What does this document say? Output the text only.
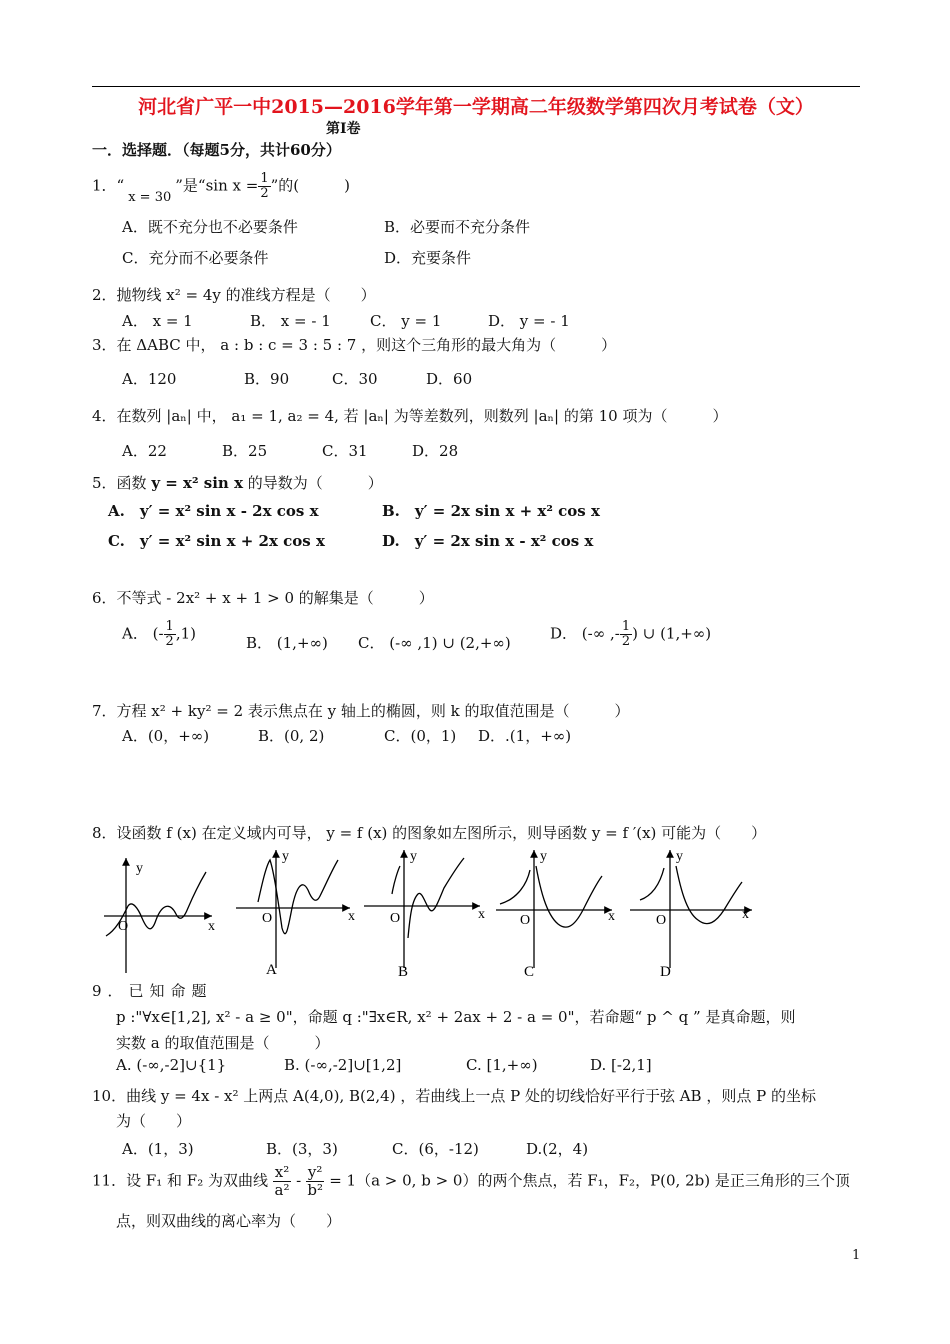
河北省广平一中2015—2016学年第一学期高二年级数学第四次月考试卷（文）
第Ⅰ卷
一．选择题．（每题5分，共计60分）
1．“x = 30”是“sin $x = \frac{1}{2}$ ”的(　　　)
A．既不充分也不必要条件	B．必要而不充分条件
C．充分而不必要条件	D．充要条件
2．抛物线 x² = 4y 的准线方程是（　　）
A． x = 1	B． x = - 1	C． y = 1	D． y = - 1
3．在 ΔABC 中， a : b : c = 3 : 5 : 7 ，则这个三角形的最大角为（　　　）
A．120	B．90	C．30	D．60
4．在数列 |aₙ| 中， a₁ = 1, a₂ = 4, 若 |aₙ| 为等差数列，则数列 |aₙ| 的第 10 项为（　　　）
A．22	B．25	C．31	D．28
5．函数 y = x² sin x 的导数为（　　　）
A.　y′ = x² sin x - 2x cos x	B.　y′ = 2x sin x + x² cos x
C.　y′ = x² sin x + 2x cos x	D.　y′ = 2x sin x - x² cos x
6．不等式 - 2x² + x + 1 > 0 的解集是（　　　）
A． (- $\frac{1}{2} ,1$)
B． (1,+∞) C． (-∞ ,1) ∪ (2,+∞)
D． (-∞ ,- $\frac{1}{2}$ ) ∪ (1,+∞)
7．方程 x² + ky² = 2 表示焦点在 y 轴上的椭圆，则 k 的取值范围是（　　　）
A．(0，+∞)	B．(0, 2)	C．(0，1) D．.(1，+∞)
8．设函数 f (x) 在定义域内可导， y = f (x) 的图象如左图所示，则导函数 y = f ′(x) 可能为（　　）
y
O	x
y
O	x
A
y
O	x
B
y
O	x
C
y
O	x
D
9．已知命题
p :"∀x∈[1,2], x² - a ≥ 0"，命题 q :"∃x∈R, x² + 2ax + 2 - a = 0"，若命题“ p ^ q ” 是真命题，则
实数 a 的取值范围是（　　　）
A. (-∞,-2]∪{1}	B. (-∞,-2]∪[1,2]	C. [1,+∞)	D. [-2,1]
10．曲线 y = 4x - x² 上两点 A(4,0), B(2,4) ，若曲线上一点 P 处的切线恰好平行于弦 AB ，则点 P 的坐标
为（　　）
A．(1，3)	B．(3，3)	C．(6，-12)	D.(2，4)
11．设 F₁ 和 F₂ 为双曲线 $\frac{\text{x²}}{\text{a²}} - \frac{\text{y²}}{\text{b²}} = 1(a > 0$, b > 0）的两个焦点，若 F₁，F₂，P(0, 2b) 是正三角形的三个顶
点，则双曲线的离心率为（　　）
1
